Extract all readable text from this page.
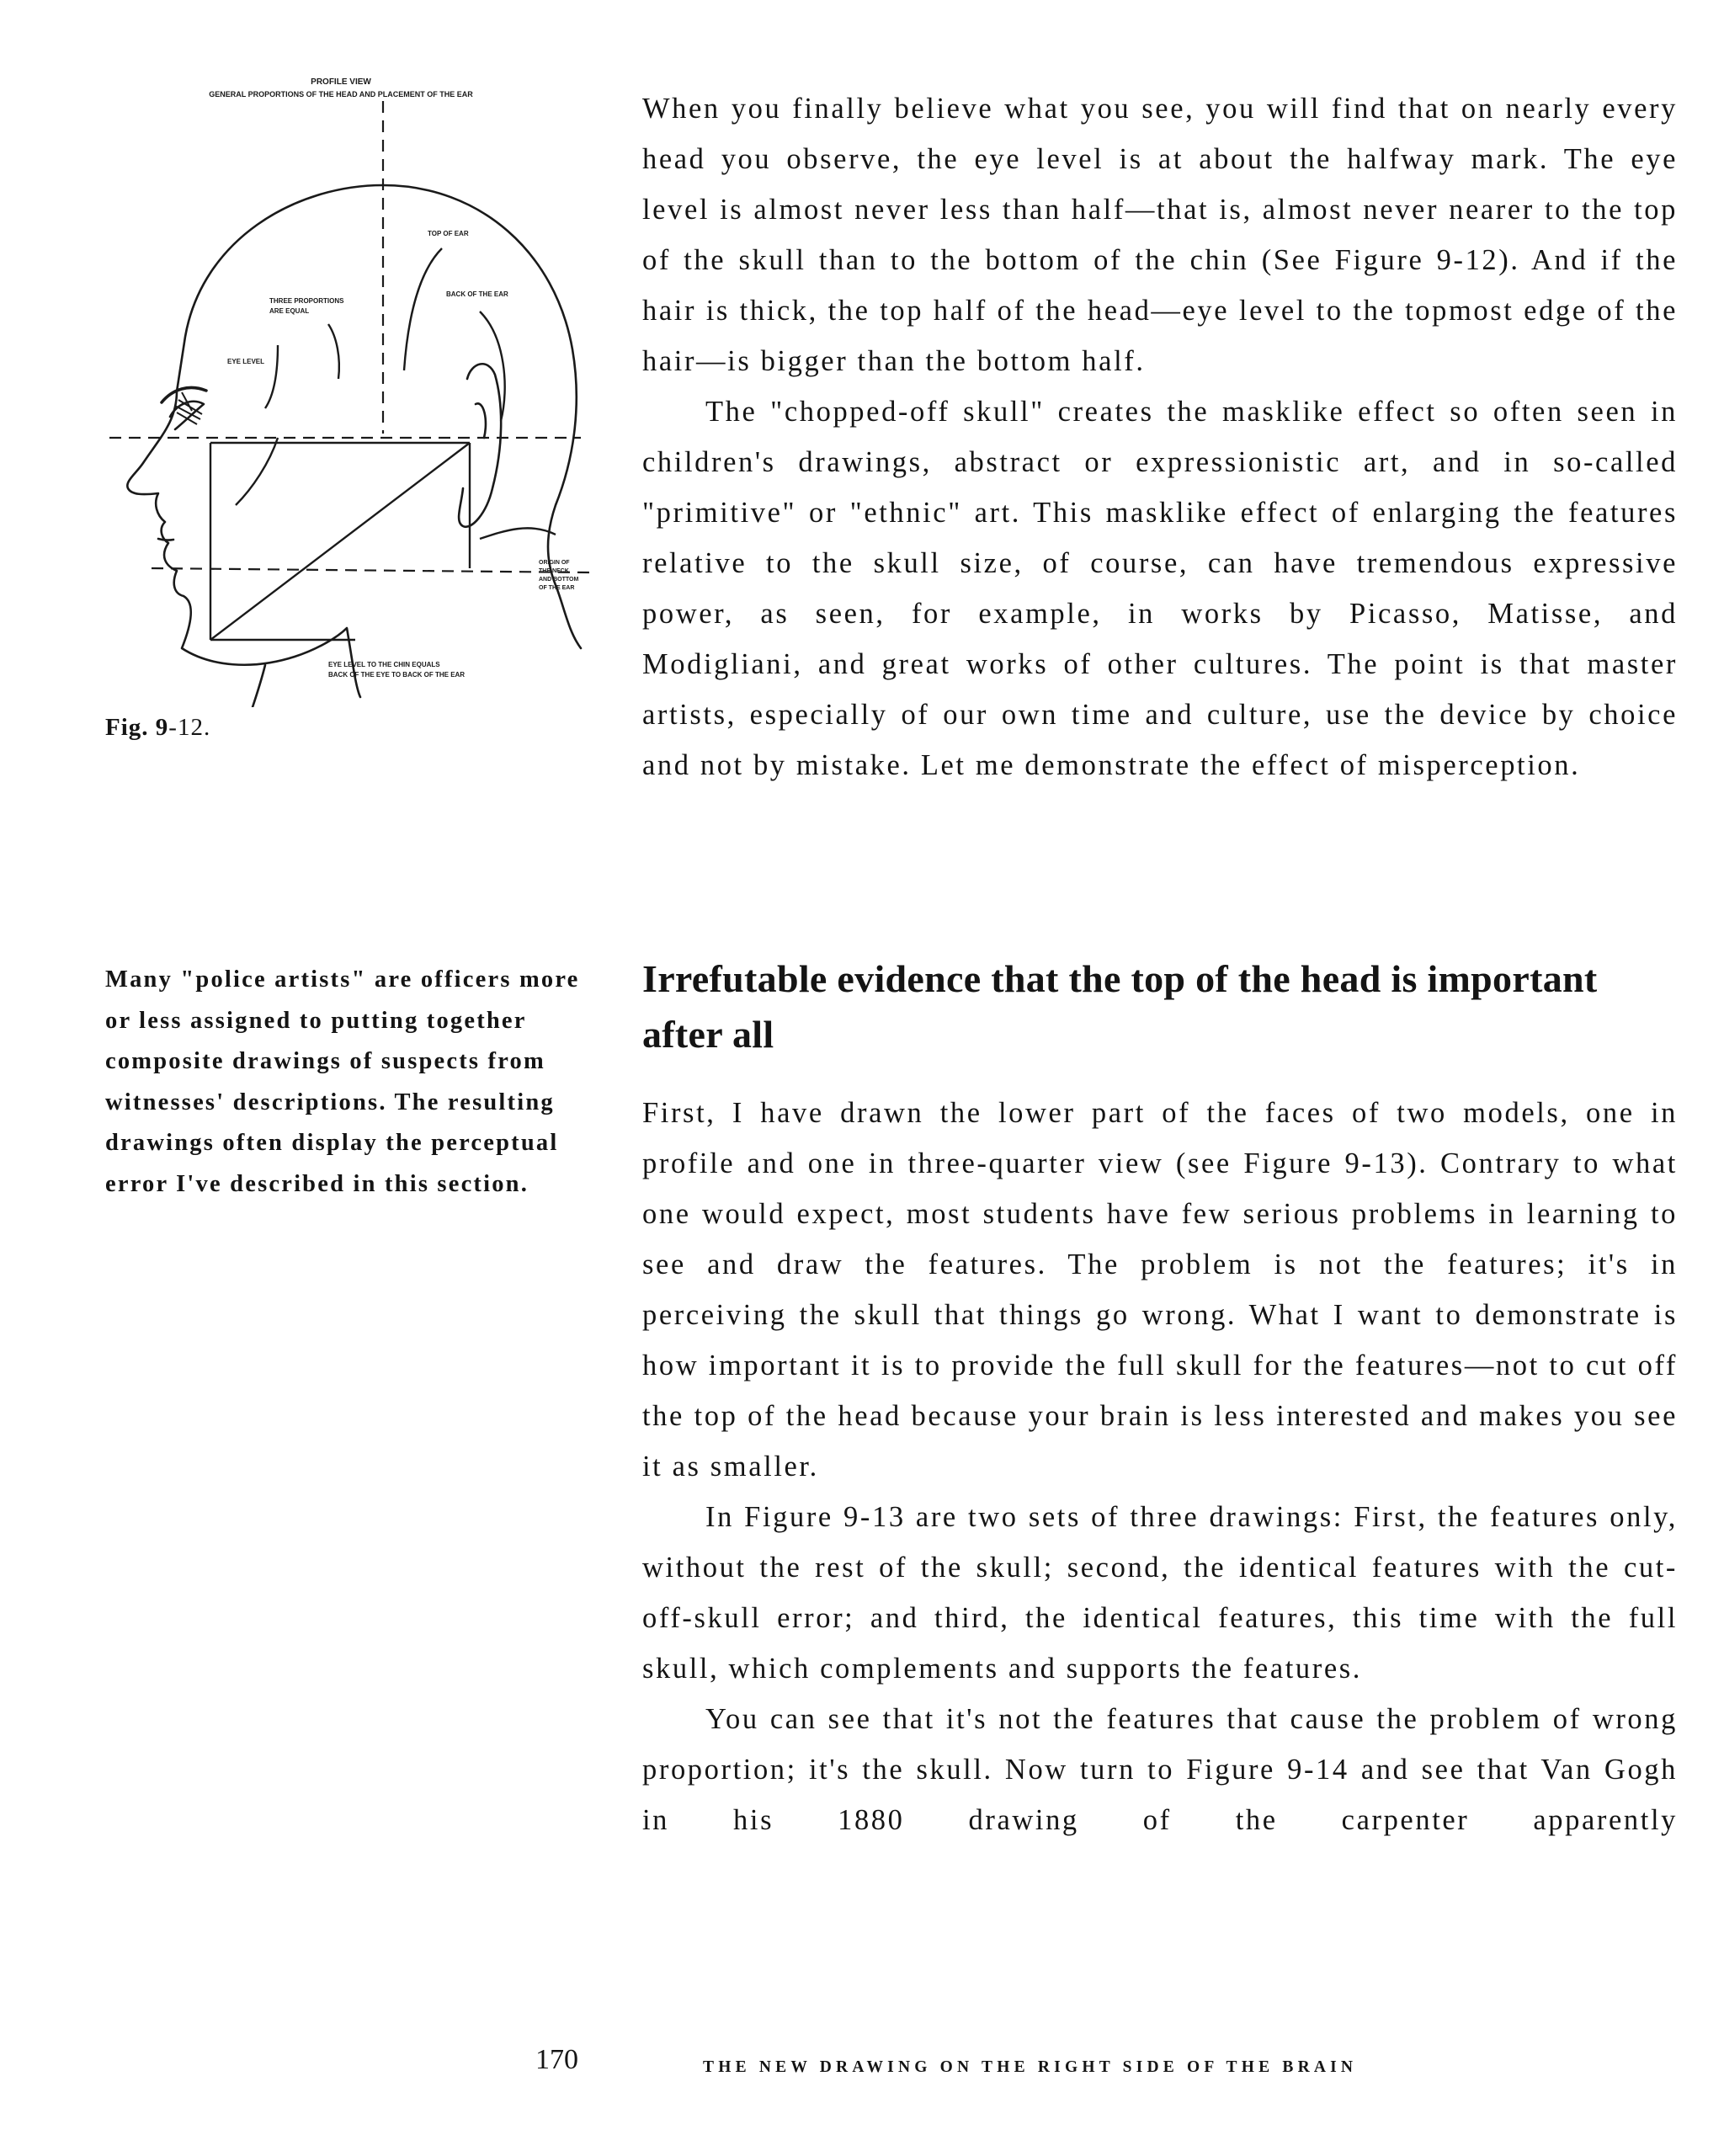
PROFILE VIEW
GENERAL PROPORTIONS OF THE HEAD AND PLACEMENT OF THE EAR
TOP OF EAR
BACK OF THE EAR
THREE PROPORTIONS
ARE EQUAL
EYE LEVEL
ORIGIN OF
THE NECK
AND BOTTOM
OF THE EAR
EYE LEVEL TO THE CHIN EQUALS
BACK OF THE EYE TO BACK OF THE EAR
Fig. 9-12.
Many "police artists" are officers more or less assigned to putting together composite drawings of suspects from witnesses' descriptions. The resulting drawings often display the perceptual error I've described in this section.

When you finally believe what you see, you will find that on nearly every head you observe, the eye level is at about the halfway mark. The eye level is almost never less than half—that is, almost never nearer to the top of the skull than to the bottom of the chin (See Figure 9-12). And if the hair is thick, the top half of the head—eye level to the topmost edge of the hair—is bigger than the bottom half.

The "chopped-off skull" creates the masklike effect so often seen in children's drawings, abstract or expressionistic art, and in so-called "primitive" or "ethnic" art. This masklike effect of enlarging the features relative to the skull size, of course, can have tremendous expressive power, as seen, for example, in works by Picasso, Matisse, and Modigliani, and great works of other cultures. The point is that master artists, especially of our own time and culture, use the device by choice and not by mistake. Let me demonstrate the effect of misperception.

Irrefutable evidence that the top of the head is important after all

First, I have drawn the lower part of the faces of two models, one in profile and one in three-quarter view (see Figure 9-13). Contrary to what one would expect, most students have few serious problems in learning to see and draw the features. The problem is not the features; it's in perceiving the skull that things go wrong. What I want to demonstrate is how important it is to provide the full skull for the features—not to cut off the top of the head because your brain is less interested and makes you see it as smaller.

In Figure 9-13 are two sets of three drawings: First, the features only, without the rest of the skull; second, the identical features with the cut-off-skull error; and third, the identical features, this time with the full skull, which complements and supports the features.

You can see that it's not the features that cause the problem of wrong proportion; it's the skull. Now turn to Figure 9-14 and see that Van Gogh in his 1880 drawing of the carpenter apparently

170	THE NEW DRAWING ON THE RIGHT SIDE OF THE BRAIN
